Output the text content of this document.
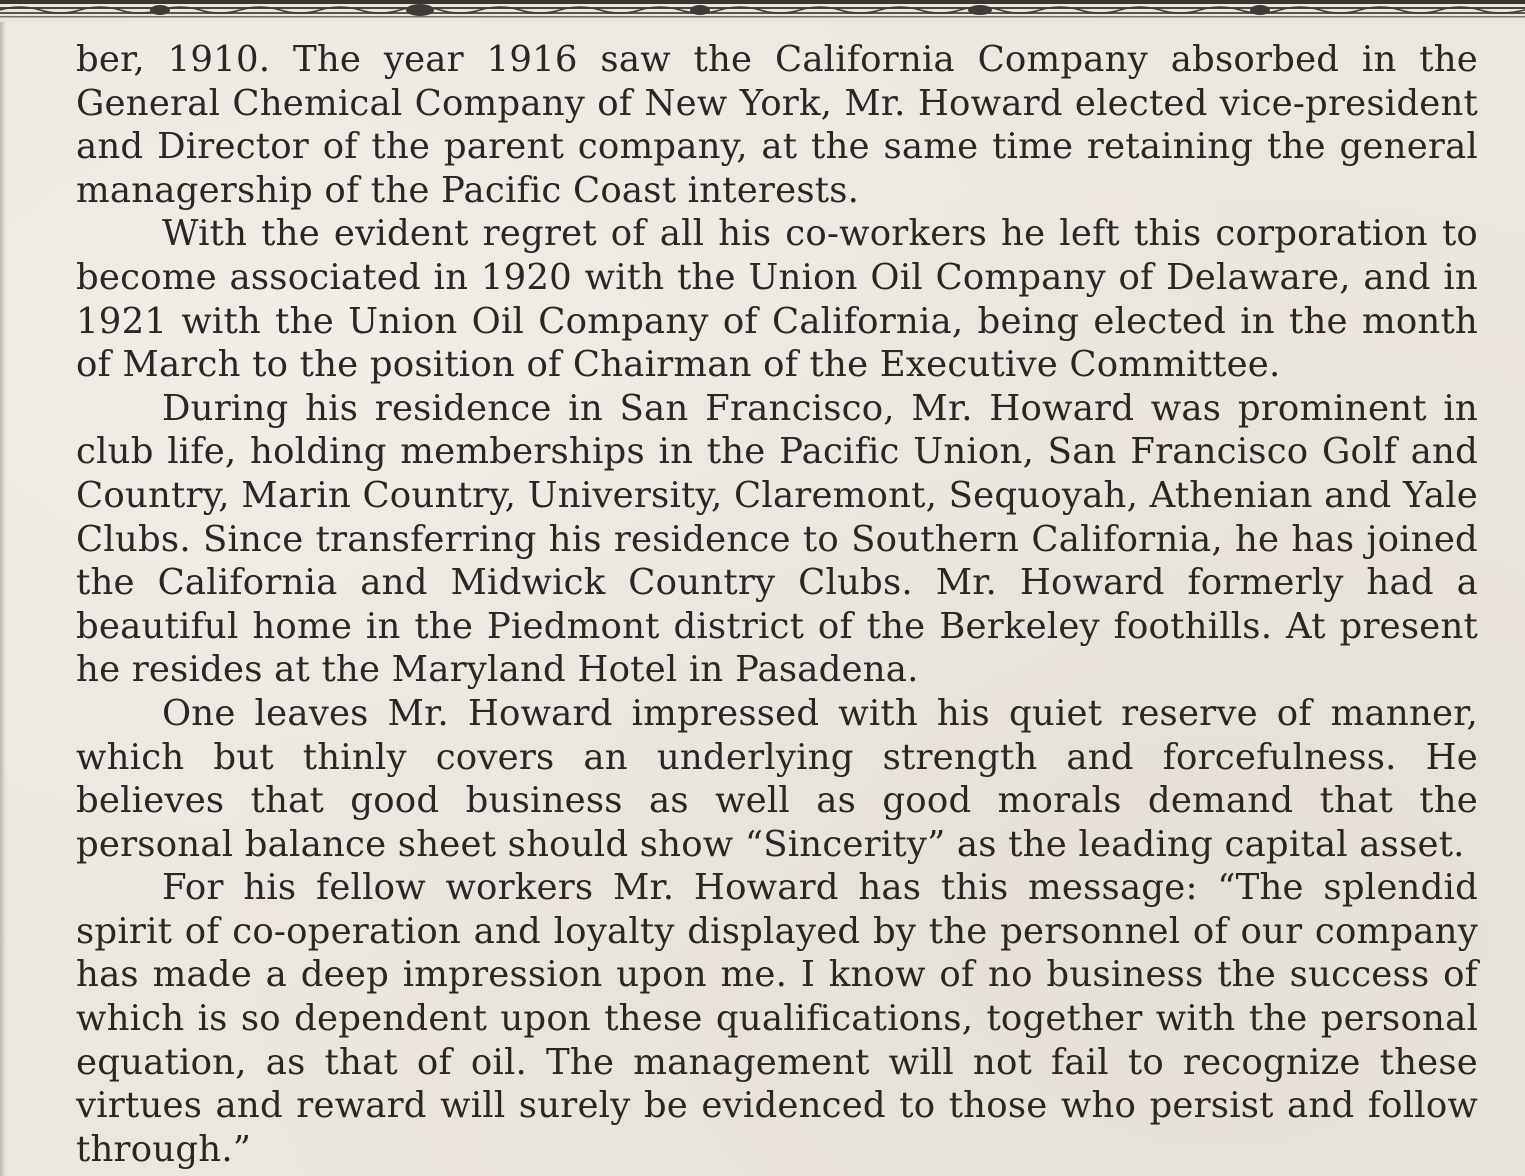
ber, 1910. The year 1916 saw the California Company absorbed in the General Chemical Company of New York, Mr. Howard elected vice-president and Director of the parent company, at the same time retaining the general managership of the Pacific Coast interests.

With the evident regret of all his co-workers he left this corporation to become associated in 1920 with the Union Oil Company of Delaware, and in 1921 with the Union Oil Company of California, being elected in the month of March to the position of Chairman of the Executive Committee.

During his residence in San Francisco, Mr. Howard was prominent in club life, holding memberships in the Pacific Union, San Francisco Golf and Country, Marin Country, University, Claremont, Sequoyah, Athenian and Yale Clubs. Since transferring his residence to Southern California, he has joined the California and Midwick Country Clubs. Mr. Howard formerly had a beautiful home in the Piedmont district of the Berkeley foothills. At present he resides at the Maryland Hotel in Pasadena.

One leaves Mr. Howard impressed with his quiet reserve of manner, which but thinly covers an underlying strength and forcefulness. He believes that good business as well as good morals demand that the personal balance sheet should show “Sincerity” as the leading capital asset.

For his fellow workers Mr. Howard has this message: “The splendid spirit of co-operation and loyalty displayed by the personnel of our company has made a deep impression upon me. I know of no business the success of which is so dependent upon these qualifications, together with the personal equation, as that of oil. The management will not fail to recognize these virtues and reward will surely be evidenced to those who persist and follow through.”
